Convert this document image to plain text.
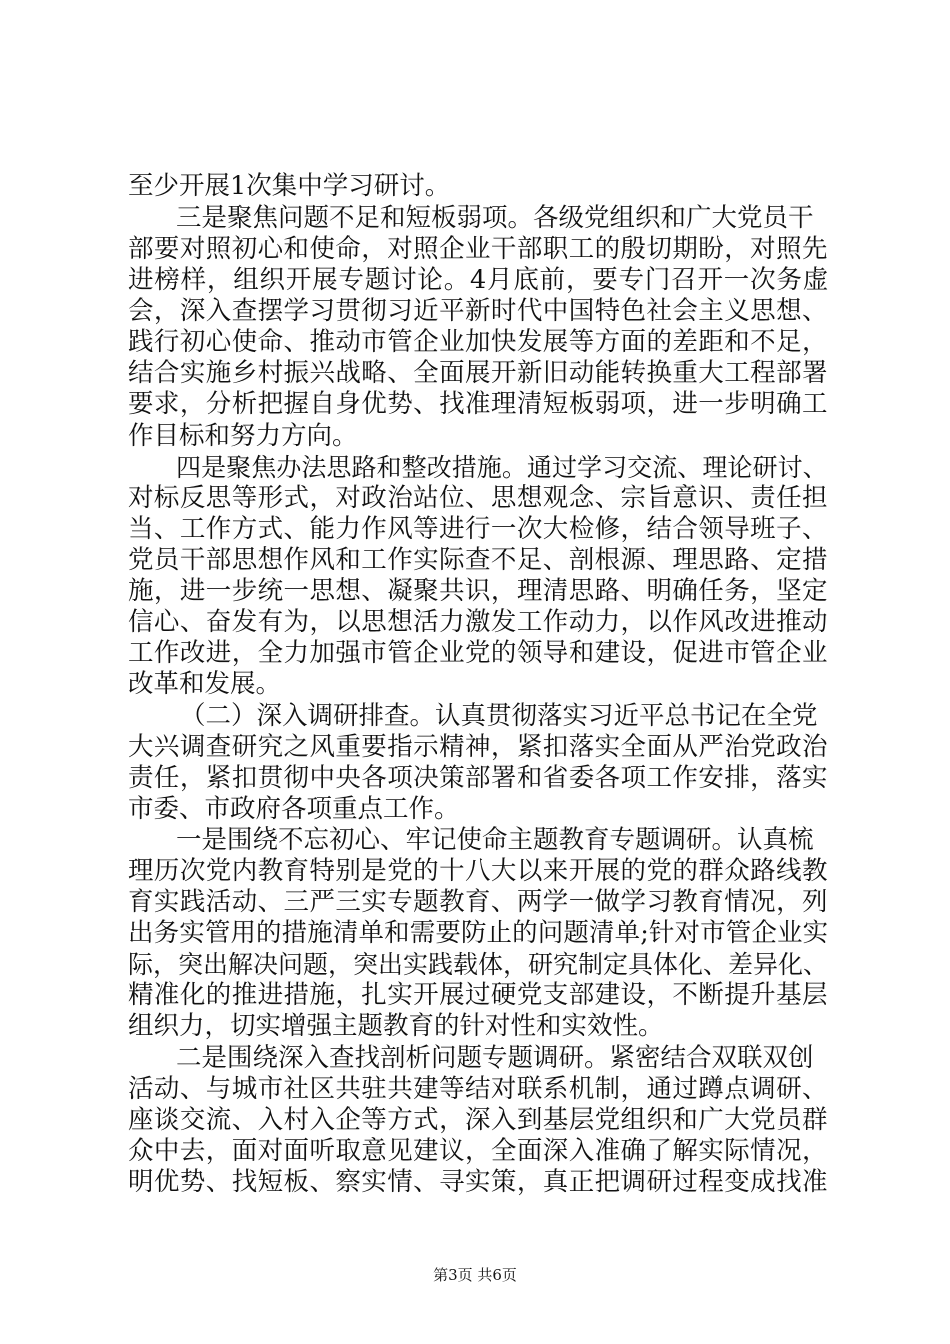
至少开展1次集中学习研讨。
三是聚焦问题不足和短板弱项。各级党组织和广大党员干
部要对照初心和使命，对照企业干部职工的殷切期盼，对照先
进榜样，组织开展专题讨论。4月底前，要专门召开一次务虚
会，深入查摆学习贯彻习近平新时代中国特色社会主义思想、
践行初心使命、推动市管企业加快发展等方面的差距和不足，
结合实施乡村振兴战略、全面展开新旧动能转换重大工程部署
要求，分析把握自身优势、找准理清短板弱项，进一步明确工
作目标和努力方向。
四是聚焦办法思路和整改措施。通过学习交流、理论研讨、
对标反思等形式，对政治站位、思想观念、宗旨意识、责任担
当、工作方式、能力作风等进行一次大检修，结合领导班子、
党员干部思想作风和工作实际查不足、剖根源、理思路、定措
施，进一步统一思想、凝聚共识，理清思路、明确任务，坚定
信心、奋发有为，以思想活力激发工作动力，以作风改进推动
工作改进，全力加强市管企业党的领导和建设，促进市管企业
改革和发展。
（二）深入调研排查。认真贯彻落实习近平总书记在全党
大兴调查研究之风重要指示精神，紧扣落实全面从严治党政治
责任，紧扣贯彻中央各项决策部署和省委各项工作安排，落实
市委、市政府各项重点工作。
一是围绕不忘初心、牢记使命主题教育专题调研。认真梳
理历次党内教育特别是党的十八大以来开展的党的群众路线教
育实践活动、三严三实专题教育、两学一做学习教育情况，列
出务实管用的措施清单和需要防止的问题清单;针对市管企业实
际，突出解决问题，突出实践载体，研究制定具体化、差异化、
精准化的推进措施，扎实开展过硬党支部建设，不断提升基层
组织力，切实增强主题教育的针对性和实效性。
二是围绕深入查找剖析问题专题调研。紧密结合双联双创
活动、与城市社区共驻共建等结对联系机制，通过蹲点调研、
座谈交流、入村入企等方式，深入到基层党组织和广大党员群
众中去，面对面听取意见建议，全面深入准确了解实际情况，
明优势、找短板、察实情、寻实策，真正把调研过程变成找准
第3页 共6页
